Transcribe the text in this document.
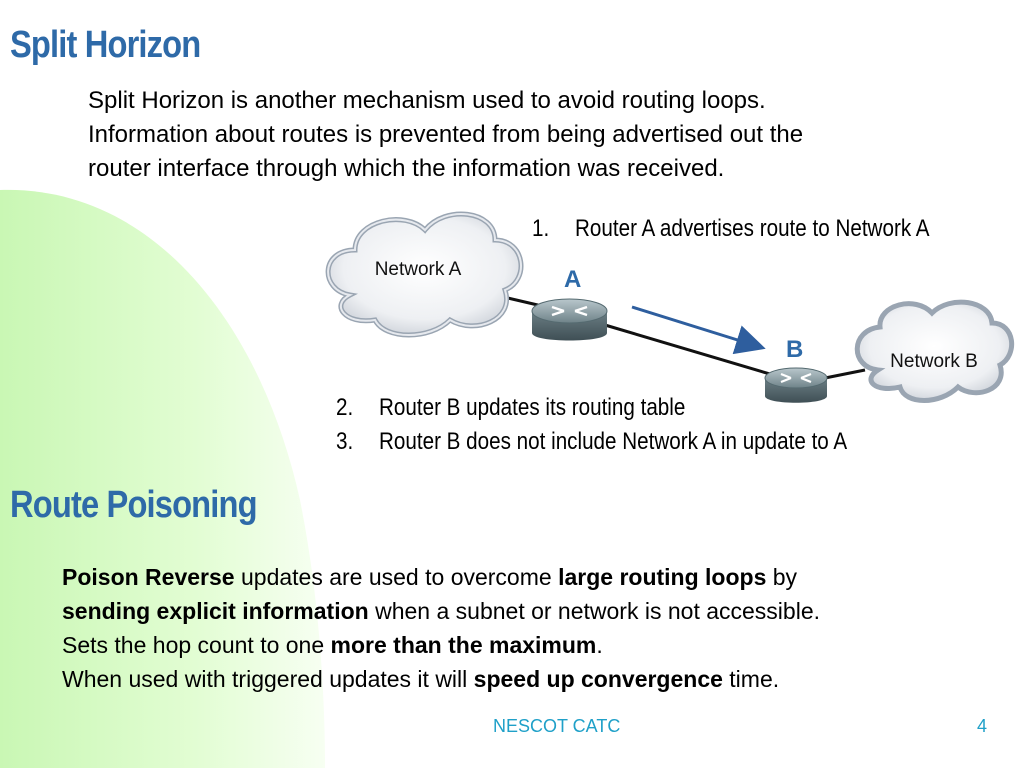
Split Horizon
Split Horizon is another mechanism used to avoid routing loops.
Information about routes is prevented from being advertised out the
router interface through which the information was received.
Network A
Network B
A
B
1. Router A advertises route to Network A
2. Router B updates its routing table
3. Router B does not include Network A in update to A
Route Poisoning
Poison Reverse updates are used to overcome large routing loops by
sending explicit information when a subnet or network is not accessible.
Sets the hop count to one more than the maximum.
When used with triggered updates it will speed up convergence time.
NESCOT CATC	4
